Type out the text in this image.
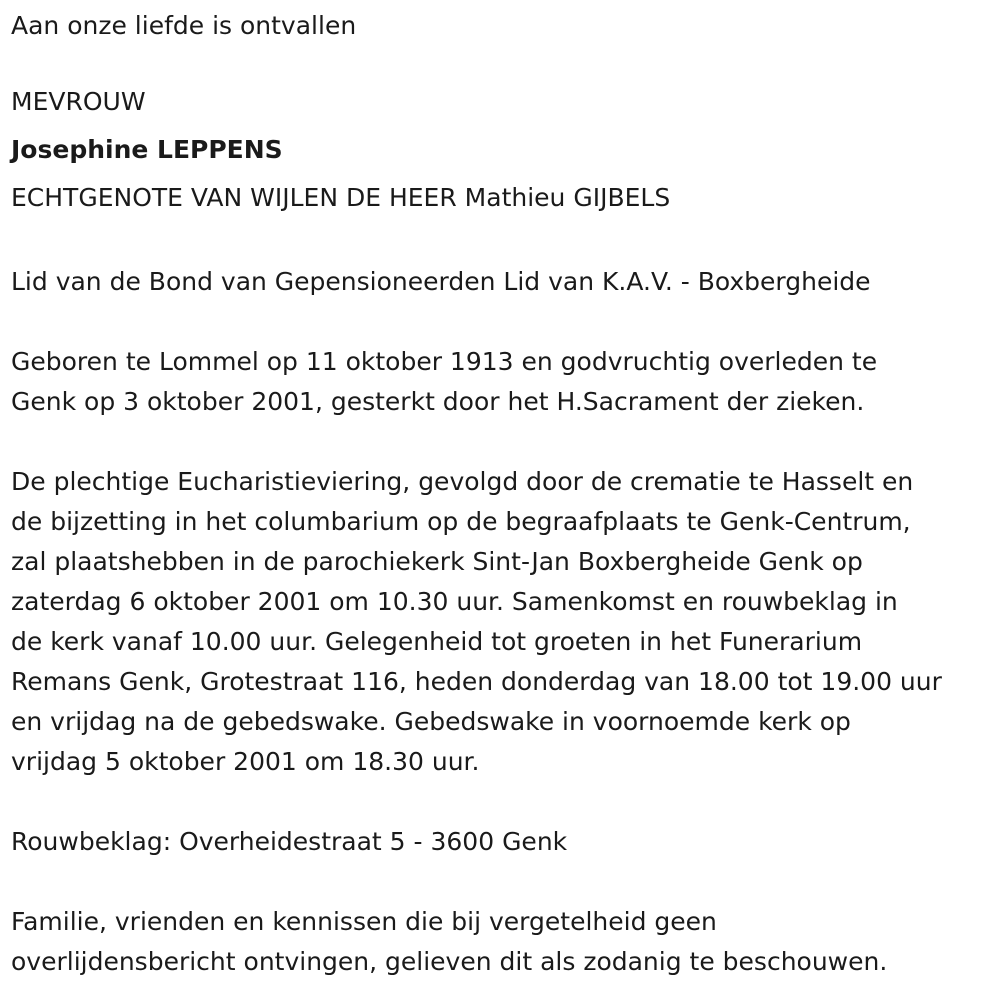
Aan onze liefde is ontvallen
MEVROUW
Josephine LEPPENS
ECHTGENOTE VAN WIJLEN DE HEER Mathieu GIJBELS
Lid van de Bond van Gepensioneerden Lid van K.A.V. - Boxbergheide
Geboren te Lommel op 11 oktober 1913 en godvruchtig overleden te
Genk op 3 oktober 2001, gesterkt door het H.Sacrament der zieken.
De plechtige Eucharistieviering, gevolgd door de crematie te Hasselt en
de bijzetting in het columbarium op de begraafplaats te Genk-Centrum,
zal plaatshebben in de parochiekerk Sint-Jan Boxbergheide Genk op
zaterdag 6 oktober 2001 om 10.30 uur. Samenkomst en rouwbeklag in
de kerk vanaf 10.00 uur. Gelegenheid tot groeten in het Funerarium
Remans Genk, Grotestraat 116, heden donderdag van 18.00 tot 19.00 uur
en vrijdag na de gebedswake. Gebedswake in voornoemde kerk op
vrijdag 5 oktober 2001 om 18.30 uur.
Rouwbeklag: Overheidestraat 5 - 3600 Genk
Familie, vrienden en kennissen die bij vergetelheid geen
overlijdensbericht ontvingen, gelieven dit als zodanig te beschouwen.
